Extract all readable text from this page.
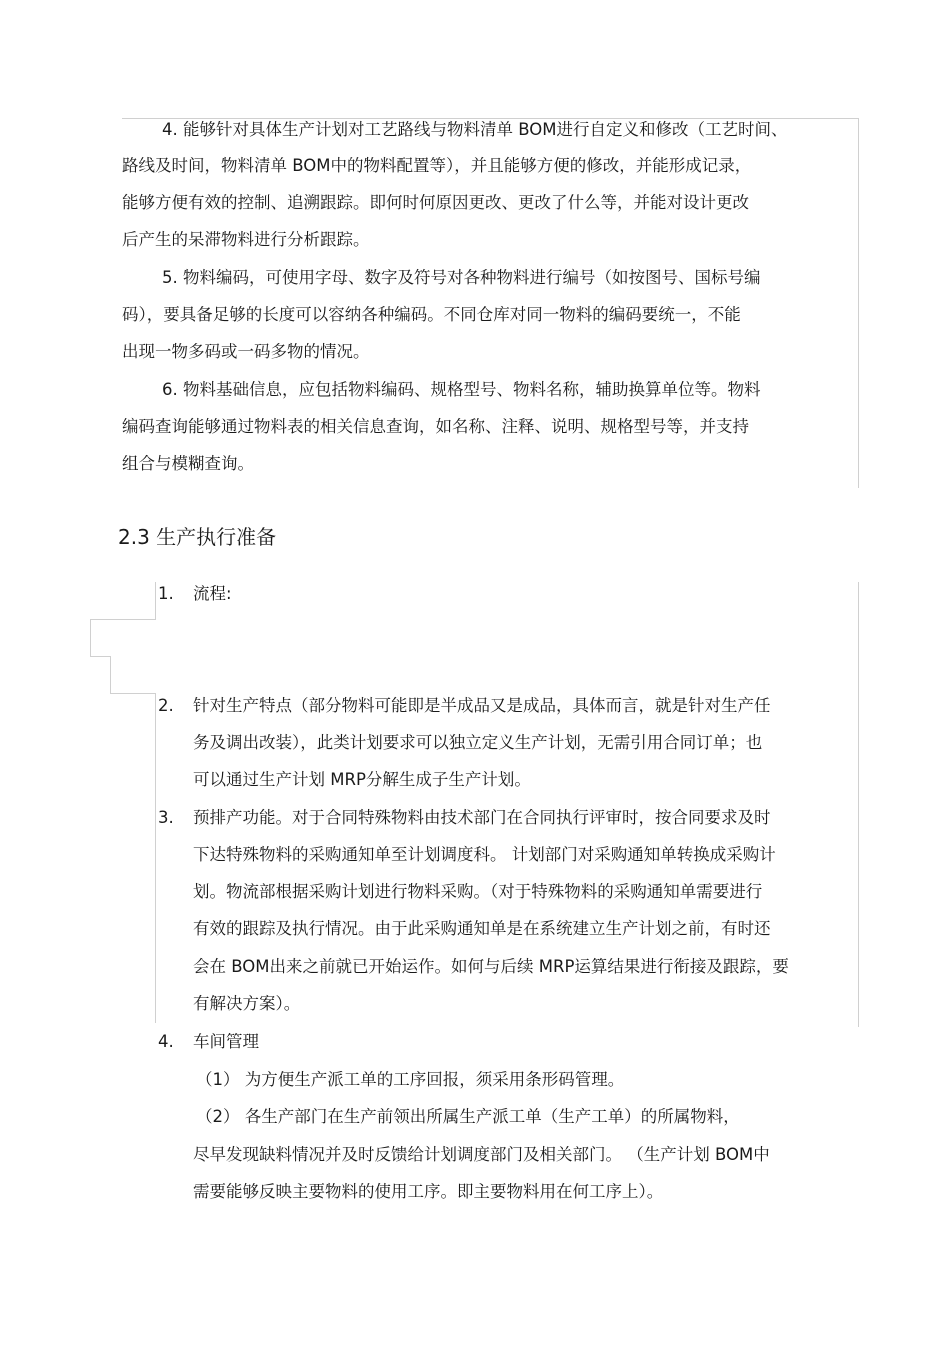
4. 能够针对具体生产计划对工艺路线与物料清单 BOM进行自定义和修改（工艺时间、
路线及时间，物料清单 BOM中的物料配置等），并且能够方便的修改，并能形成记录，
能够方便有效的控制、追溯跟踪。即何时何原因更改、更改了什么等，并能对设计更改
后产生的呆滞物料进行分析跟踪。
5. 物料编码，可使用字母、数字及符号对各种物料进行编号（如按图号、国标号编
码），要具备足够的长度可以容纳各种编码。不同仓库对同一物料的编码要统一，不能
出现一物多码或一码多物的情况。
6. 物料基础信息，应包括物料编码、规格型号、物料名称，辅助换算单位等。物料
编码查询能够通过物料表的相关信息查询，如名称、注释、说明、规格型号等，并支持
组合与模糊查询。
2.3 生产执行准备
1. 流程:
2. 针对生产特点（部分物料可能即是半成品又是成品，具体而言，就是针对生产任
务及调出改装），此类计划要求可以独立定义生产计划，无需引用合同订单；也
可以通过生产计划 MRP分解生成子生产计划。
3. 预排产功能。对于合同特殊物料由技术部门在合同执行评审时，按合同要求及时
下达特殊物料的采购通知单至计划调度科。 计划部门对采购通知单转换成采购计
划。物流部根据采购计划进行物料采购。（对于特殊物料的采购通知单需要进行
有效的跟踪及执行情况。由于此采购通知单是在系统建立生产计划之前，有时还
会在 BOM出来之前就已开始运作。如何与后续 MRP运算结果进行衔接及跟踪，要
有解决方案）。
4. 车间管理
（1） 为方便生产派工单的工序回报，须采用条形码管理。
（2） 各生产部门在生产前领出所属生产派工单（生产工单）的所属物料，
尽早发现缺料情况并及时反馈给计划调度部门及相关部门。 （生产计划 BOM中
需要能够反映主要物料的使用工序。即主要物料用在何工序上）。
